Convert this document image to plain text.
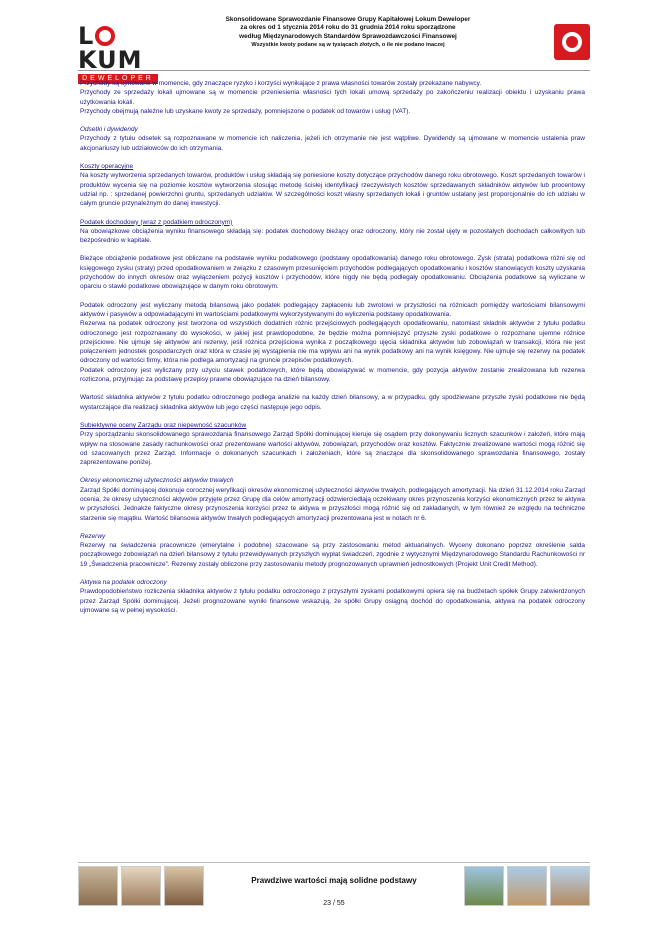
LKUM
DEWELOPER
Skonsolidowane Sprawozdanie Finansowe Grupy Kapitałowej Lokum Deweloper
za okres od 1 stycznia 2014 roku do 31 grudnia 2014 roku sporządzone
według Międzynarodowych Standardów Sprawozdawczości Finansowej
Wszystkie kwoty podane są w tysiącach złotych, o ile nie podano inaczej

Przychody są ujmowane w momencie, gdy znaczące ryzyko i korzyści wynikające z prawa własności towarów zostały przekazane nabywcy.

Przychody ze sprzedaży lokali ujmowane są w momencie przeniesienia własności tych lokali umową sprzedaży po zakończeniu realizacji obiektu i uzyskaniu prawa użytkowania lokali.

Przychody obejmują należne lub uzyskane kwoty ze sprzedaży, pomniejszone o podatek od towarów i usług (VAT).

Odsetki i dywidendy

Przychody z tytułu odsetek są rozpoznawane w momencie ich naliczenia, jeżeli ich otrzymanie nie jest wątpliwe. Dywidendy są ujmowane w momencie ustalenia praw akcjonariuszy lub udziałowców do ich otrzymania.

Koszty operacyjne

Na koszty wytworzenia sprzedanych towarów, produktów i usług składają się poniesione koszty dotyczące przychodów danego roku obrotowego. Koszt sprzedanych towarów i produktów wycenia się na poziomie kosztów wytworzenia stosując metodę ścisłej identyfikacji rzeczywistych kosztów sprzedawanych składników aktywów lub procentowy udział np. : sprzedanej powierzchni gruntu, sprzedanych udziałów. W szczególności koszt własny sprzedanych lokali i gruntów ustalany jest proporcjonalnie do ich udziału w całym gruncie przynależnym do danej inwestycji.

Podatek dochodowy (wraz z podatkiem odroczonym)

Na obowiązkowe obciążenia wyniku finansowego składają się: podatek dochodowy bieżący oraz odroczony, który nie został ujęty w pozostałych dochodach całkowitych lub bezpośrednio w kapitale.

Bieżące obciążenie podatkowe jest obliczane na podstawie wyniku podatkowego (podstawy opodatkowania) danego roku obrotowego. Zysk (strata) podatkowa różni się od księgowego zysku (straty) przed opodatkowaniem w związku z czasowym przesunięciem przychodów podlegających opodatkowaniu i kosztów stanowiących koszty uzyskania przychodów do innych okresów oraz wyłączeniem pozycji kosztów i przychodów, które nigdy nie będą podlegały opodatkowaniu. Obciążenia podatkowe są wyliczane w oparciu o stawki podatkowe obowiązujące w danym roku obrotowym.

Podatek odroczony jest wyliczany metodą bilansową jako podatek podlegający zapłaceniu lub zwrotowi w przyszłości na różnicach pomiędzy wartościami bilansowymi aktywów i pasywów a odpowiadającymi im wartościami podatkowymi wykorzystywanymi do wyliczenia podstawy opodatkowania.

Rezerwa na podatek odroczony jest tworzona od wszystkich dodatnich różnic przejściowych podlegających opodatkowaniu, natomiast składnik aktywów z tytułu podatku odroczonego jest rozpoznawany do wysokości, w jakiej jest prawdopodobne, że będzie można pomniejszyć przyszłe zyski podatkowe o rozpoznane ujemne różnice przejściowe. Nie ujmuje się aktywów ani rezerwy, jeśli różnica przejściowa wynika z początkowego ujęcia składnika aktywów lub zobowiązań w transakcji, która nie jest połączeniem jednostek gospodarczych oraz która w czasie jej wystąpienia nie ma wpływu ani na wynik podatkowy ani na wynik księgowy. Nie ujmuje się rezerwy na podatek odroczony od wartości firmy, która nie podlega amortyzacji na gruncie przepisów podatkowych.

Podatek odroczony jest wyliczany przy użyciu stawek podatkowych, które będą obowiązywać w momencie, gdy pozycja aktywów zostanie zrealizowana lub rezerwa rozliczona, przyjmując za podstawę przepisy prawne obowiązujące na dzień bilansowy.

Wartość składnika aktywów z tytułu podatku odroczonego podlega analizie na każdy dzień bilansowy, a w przypadku, gdy spodziewane przyszłe zyski podatkowe nie będą wystarczające dla realizacji składnika aktywów lub jego części następuje jego odpis.

Subiektywne oceny Zarządu oraz niepewność szacunków

Przy sporządzaniu skonsolidowanego sprawozdania finansowego Zarząd Spółki dominującej kieruje się osądem przy dokonywaniu licznych szacunków i założeń, które mają wpływ na stosowane zasady rachunkowości oraz prezentowane wartości aktywów, zobowiązań, przychodów oraz kosztów. Faktycznie zrealizowane wartości mogą różnić się od szacowanych przez Zarząd. Informacje o dokonanych szacunkach i założeniach, które są znaczące dla skonsolidowanego sprawozdania finansowego, zostały zaprezentowane poniżej.

Okresy ekonomicznej użyteczności aktywów trwałych

Zarząd Spółki dominującej dokonuje corocznej weryfikacji okresów ekonomicznej użyteczności aktywów trwałych, podlegających amortyzacji. Na dzień 31.12.2014 roku Zarząd ocenia, że okresy użyteczności aktywów przyjęte przez Grupę dla celów amortyzacji odzwierciedlają oczekiwany okres przynoszenia korzyści ekonomicznych przez te aktywa w przyszłości. Jednakże faktyczne okresy przynoszenia korzyści przez te aktywa w przyszłości mogą różnić się od zakładanych, w tym również ze względu na techniczne starzenie się majątku. Wartość bilansowa aktywów trwałych podlegających amortyzacji prezentowana jest w notach nr 6.

Rezerwy

Rezerwy na świadczenia pracownicze (emerytalne i podobne) szacowane są przy zastosowaniu metod aktuarialnych. Wyceny dokonano poprzez określenie salda początkowego zobowiązań na dzień bilansowy z tytułu przewidywanych przyszłych wypłat świadczeń, zgodnie z wytycznymi Międzynarodowego Standardu Rachunkowości nr 19 „Świadczenia pracownicze”. Rezerwy zostały obliczone przy zastosowaniu metody prognozowanych uprawnień jednostkowych (Projekt Unit Credit Method).

Aktywa na podatek odroczony

Prawdopodobieństwo rozliczenia składnika aktywów z tytułu podatku odroczonego z przyszłymi zyskami podatkowymi opiera się na budżetach spółek Grupy zatwierdzonych przez Zarząd Spółki dominującej. Jeżeli prognozowane wyniki finansowe wskazują, że spółki Grupy osiągną dochód do opodatkowania, aktywa na podatek odroczony ujmowane są w pełnej wysokości.

Prawdziwe wartości mają solidne podstawy
23 / 55
